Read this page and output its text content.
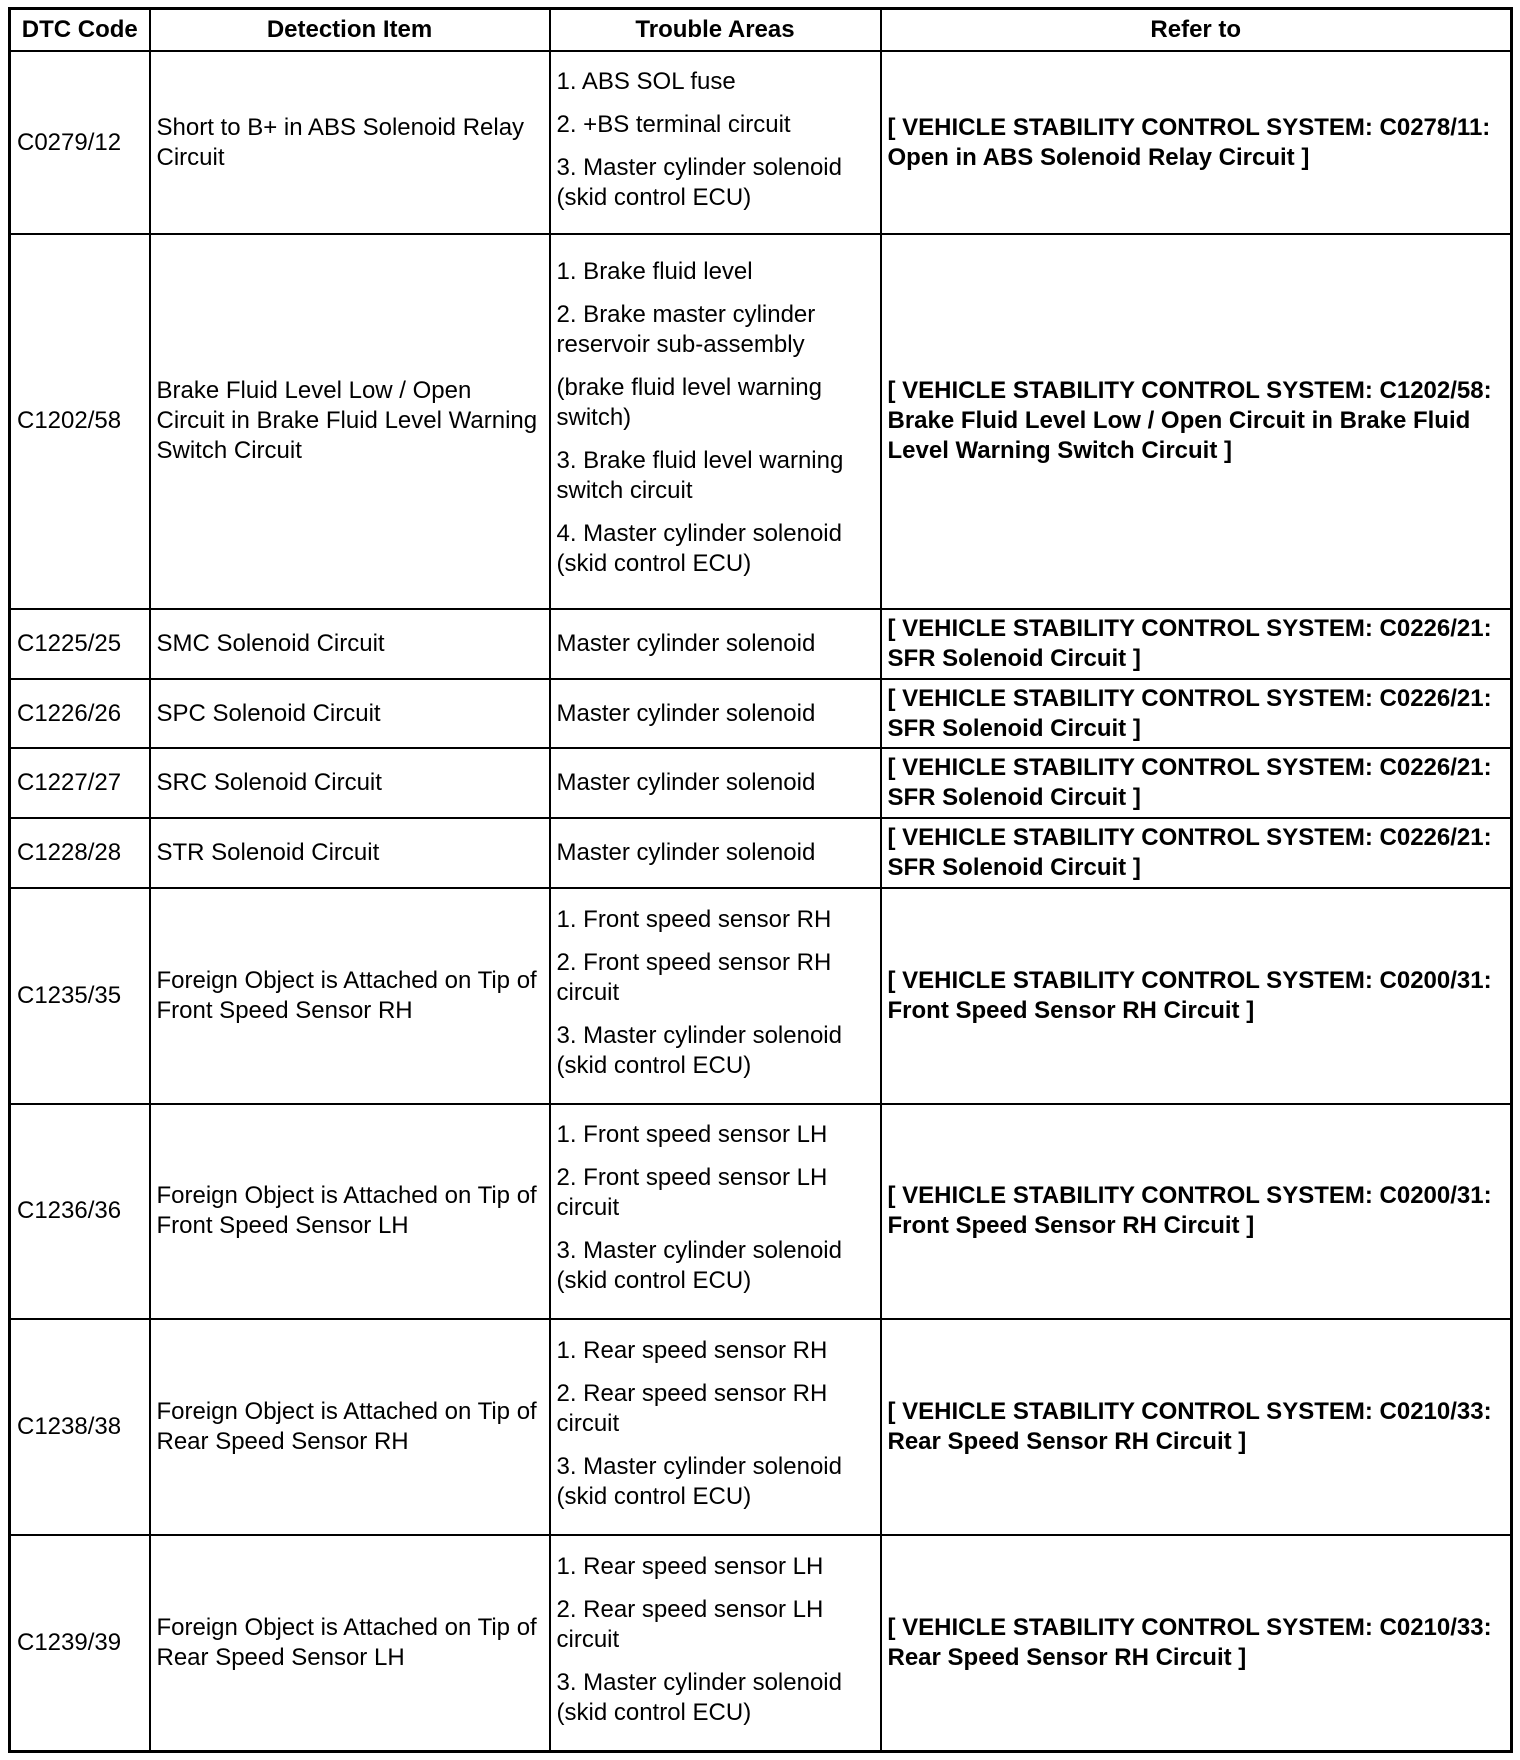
DTC Code	Detection Item	Trouble Areas	Refer to
C0279/12	Short to B+ in ABS Solenoid Relay Circuit	1. ABS SOL fuse
2. +BS terminal circuit
3. Master cylinder solenoid (skid control ECU)	[ VEHICLE STABILITY CONTROL SYSTEM: C0278/11: Open in ABS Solenoid Relay Circuit ]
C1202/58	Brake Fluid Level Low / Open Circuit in Brake Fluid Level Warning Switch Circuit	1. Brake fluid level
2. Brake master cylinder reservoir sub-assembly
(brake fluid level warning switch)
3. Brake fluid level warning switch circuit
4. Master cylinder solenoid (skid control ECU)	[ VEHICLE STABILITY CONTROL SYSTEM: C1202/58: Brake Fluid Level Low / Open Circuit in Brake Fluid Level Warning Switch Circuit ]
C1225/25	SMC Solenoid Circuit	Master cylinder solenoid	[ VEHICLE STABILITY CONTROL SYSTEM: C0226/21: SFR Solenoid Circuit ]
C1226/26	SPC Solenoid Circuit	Master cylinder solenoid	[ VEHICLE STABILITY CONTROL SYSTEM: C0226/21: SFR Solenoid Circuit ]
C1227/27	SRC Solenoid Circuit	Master cylinder solenoid	[ VEHICLE STABILITY CONTROL SYSTEM: C0226/21: SFR Solenoid Circuit ]
C1228/28	STR Solenoid Circuit	Master cylinder solenoid	[ VEHICLE STABILITY CONTROL SYSTEM: C0226/21: SFR Solenoid Circuit ]
C1235/35	Foreign Object is Attached on Tip of Front Speed Sensor RH	1. Front speed sensor RH
2. Front speed sensor RH circuit
3. Master cylinder solenoid (skid control ECU)	[ VEHICLE STABILITY CONTROL SYSTEM: C0200/31: Front Speed Sensor RH Circuit ]
C1236/36	Foreign Object is Attached on Tip of Front Speed Sensor LH	1. Front speed sensor LH
2. Front speed sensor LH circuit
3. Master cylinder solenoid (skid control ECU)	[ VEHICLE STABILITY CONTROL SYSTEM: C0200/31: Front Speed Sensor RH Circuit ]
C1238/38	Foreign Object is Attached on Tip of Rear Speed Sensor RH	1. Rear speed sensor RH
2. Rear speed sensor RH circuit
3. Master cylinder solenoid (skid control ECU)	[ VEHICLE STABILITY CONTROL SYSTEM: C0210/33: Rear Speed Sensor RH Circuit ]
C1239/39	Foreign Object is Attached on Tip of Rear Speed Sensor LH	1. Rear speed sensor LH
2. Rear speed sensor LH circuit
3. Master cylinder solenoid (skid control ECU)	[ VEHICLE STABILITY CONTROL SYSTEM: C0210/33: Rear Speed Sensor RH Circuit ]
